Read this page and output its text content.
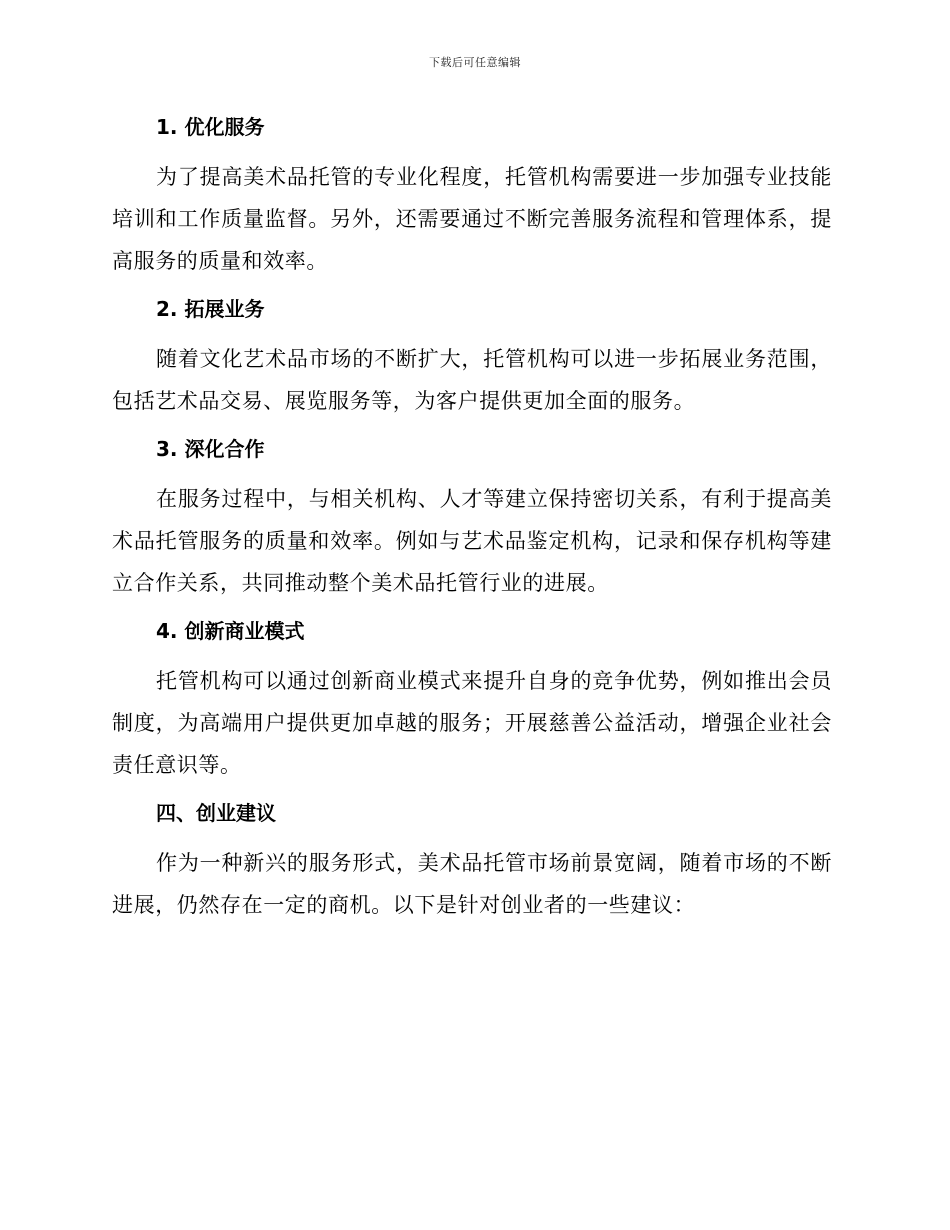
下载后可任意编辑
1. 优化服务

为了提高美术品托管的专业化程度，托管机构需要进一步加强专业技能培训和工作质量监督。另外，还需要通过不断完善服务流程和管理体系，提高服务的质量和效率。

2. 拓展业务

随着文化艺术品市场的不断扩大，托管机构可以进一步拓展业务范围，包括艺术品交易、展览服务等，为客户提供更加全面的服务。

3. 深化合作

在服务过程中，与相关机构、人才等建立保持密切关系，有利于提高美术品托管服务的质量和效率。例如与艺术品鉴定机构，记录和保存机构等建立合作关系，共同推动整个美术品托管行业的进展。

4. 创新商业模式

托管机构可以通过创新商业模式来提升自身的竞争优势，例如推出会员制度，为高端用户提供更加卓越的服务；开展慈善公益活动，增强企业社会责任意识等。

四、创业建议

作为一种新兴的服务形式，美术品托管市场前景宽阔，随着市场的不断进展，仍然存在一定的商机。以下是针对创业者的一些建议：
